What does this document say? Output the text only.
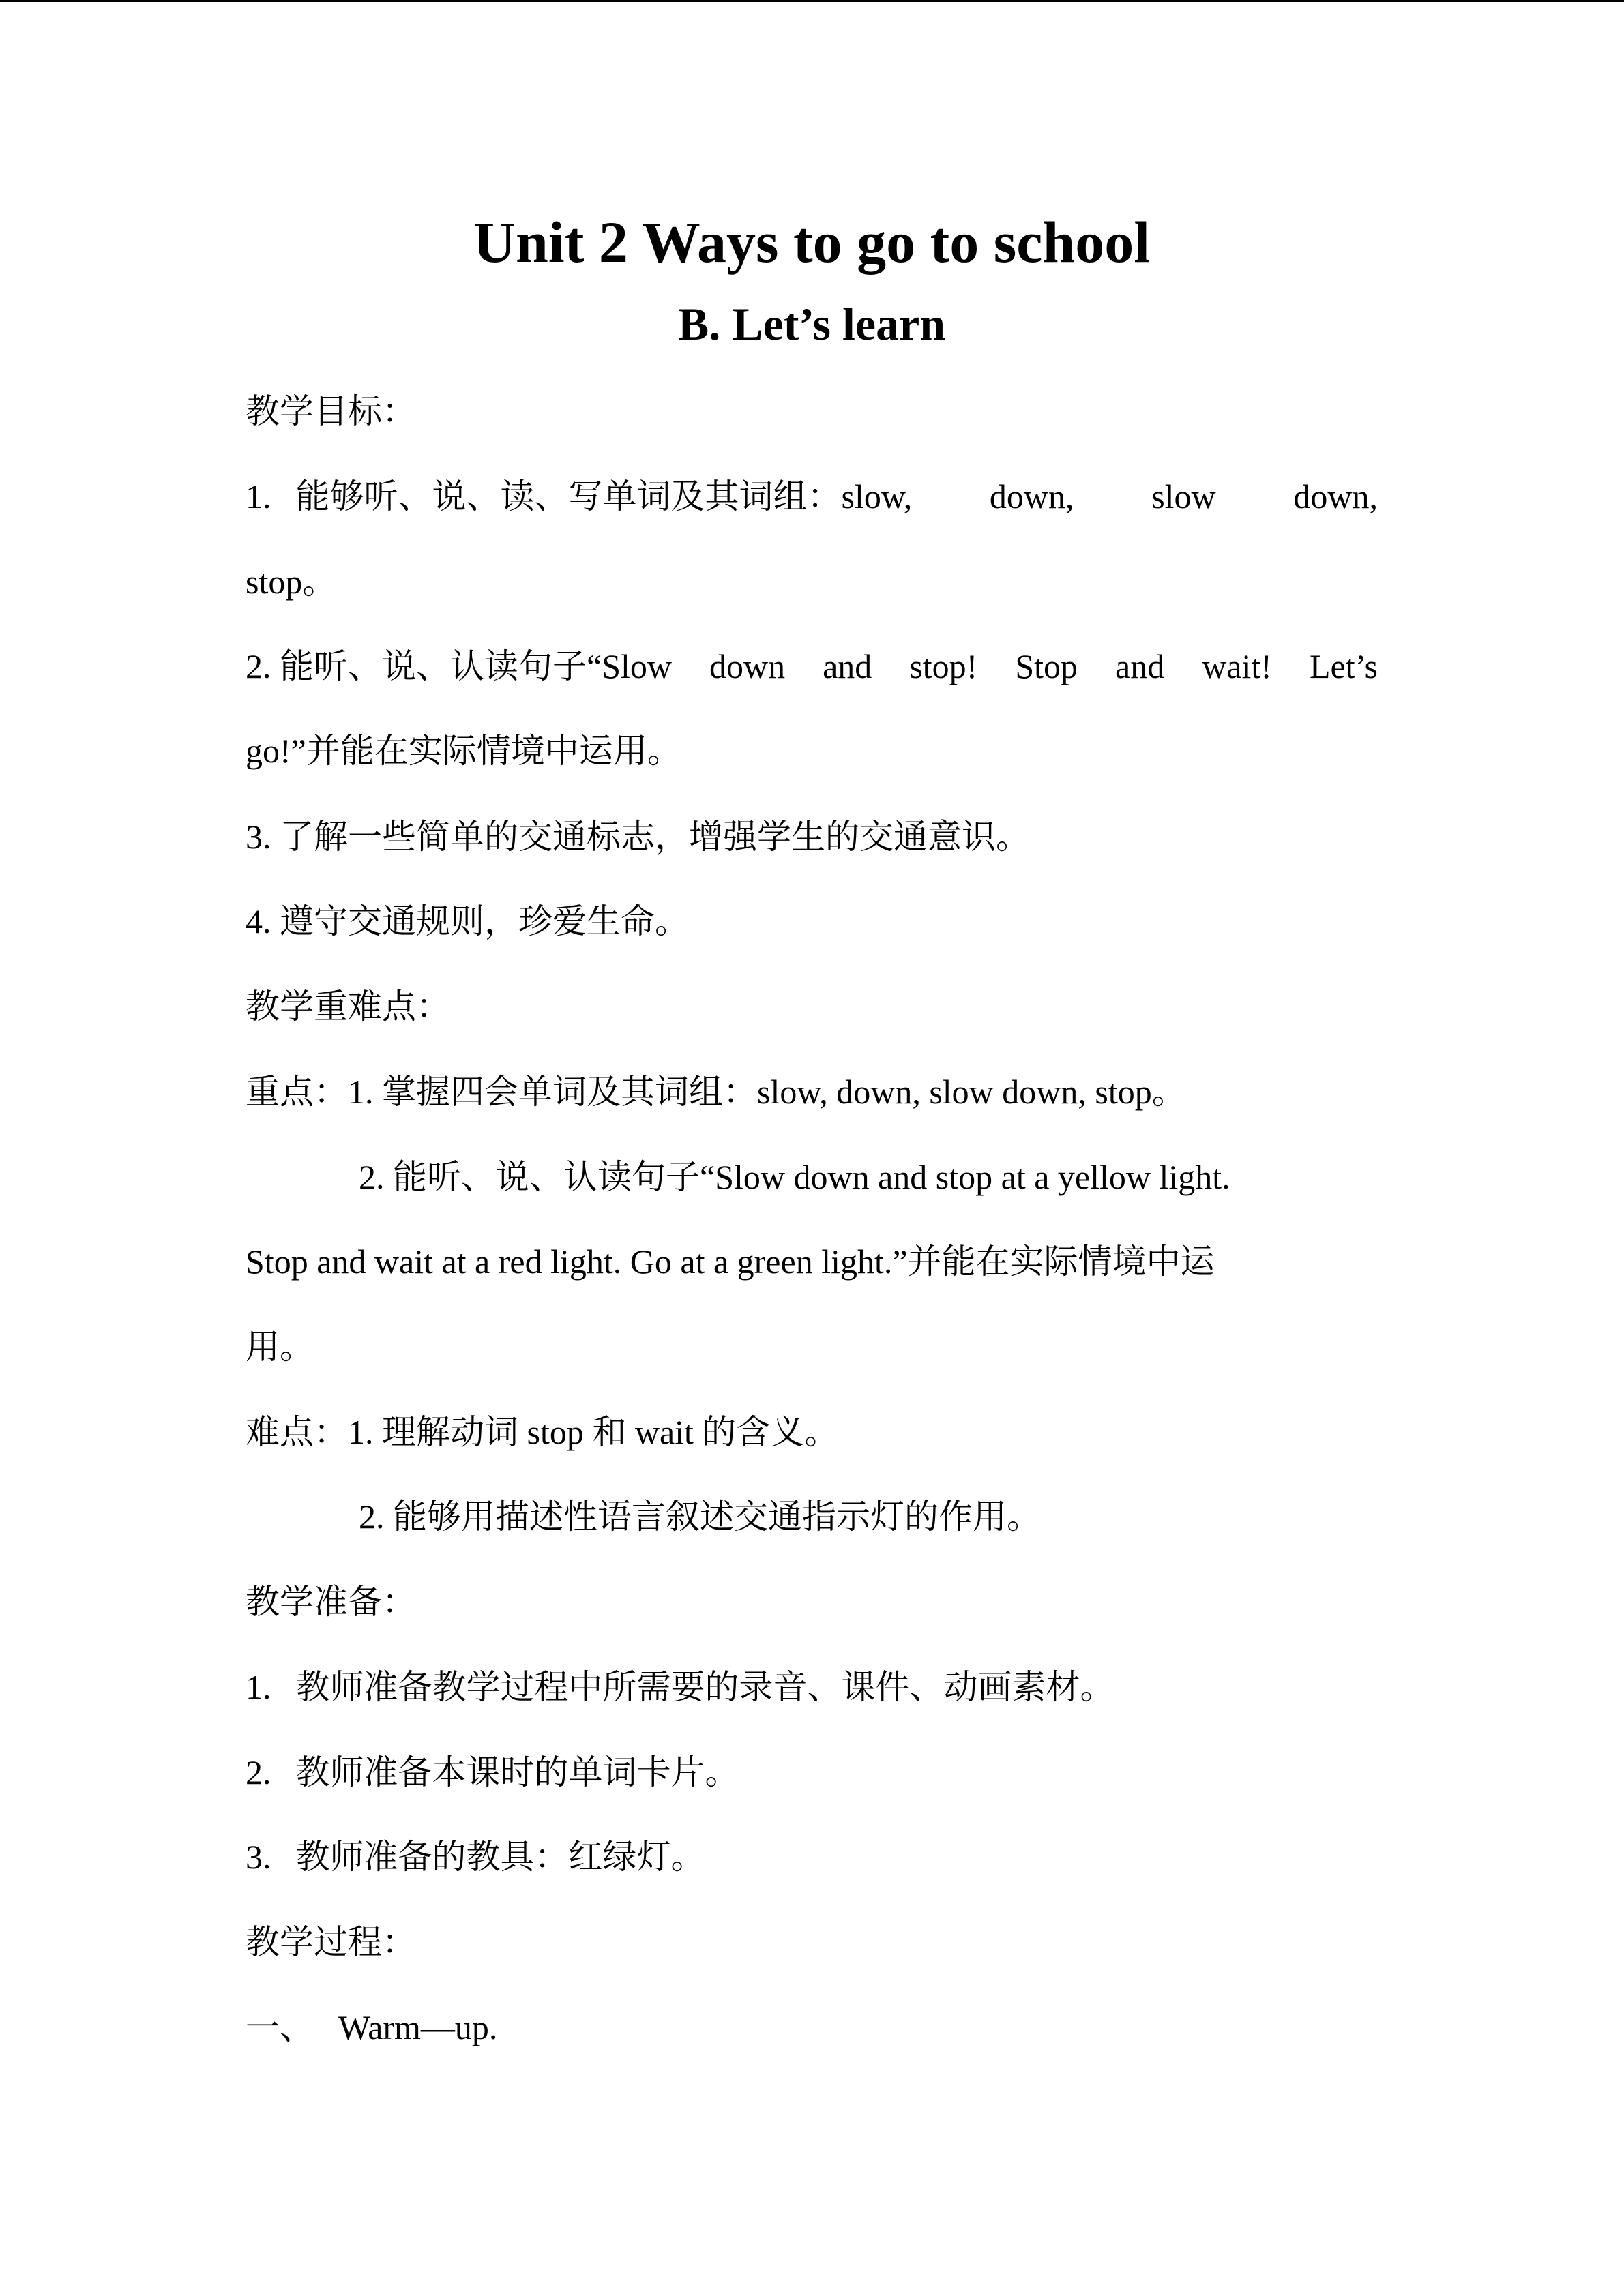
Unit 2 Ways to go to school
B. Let’s learn
教学目标：
1. 能够听、说、读、写单词及其词组：slow, down, slow down,
stop。
2. 能听、说、认读句子“Slow down and stop! Stop and wait! Let’s
go!”并能在实际情境中运用。
3. 了解一些简单的交通标志，增强学生的交通意识。
4. 遵守交通规则，珍爱生命。
教学重难点：
重点：1. 掌握四会单词及其词组：slow, down, slow down, stop。
2. 能听、说、认读句子“Slow down and stop at a yellow light.
Stop and wait at a red light. Go at a green light.”并能在实际情境中运
用。
难点：1. 理解动词 stop 和 wait 的含义。
2. 能够用描述性语言叙述交通指示灯的作用。
教学准备：
1. 教师准备教学过程中所需要的录音、课件、动画素材。
2. 教师准备本课时的单词卡片。
3. 教师准备的教具：红绿灯。
教学过程：
一、 Warm—up.
